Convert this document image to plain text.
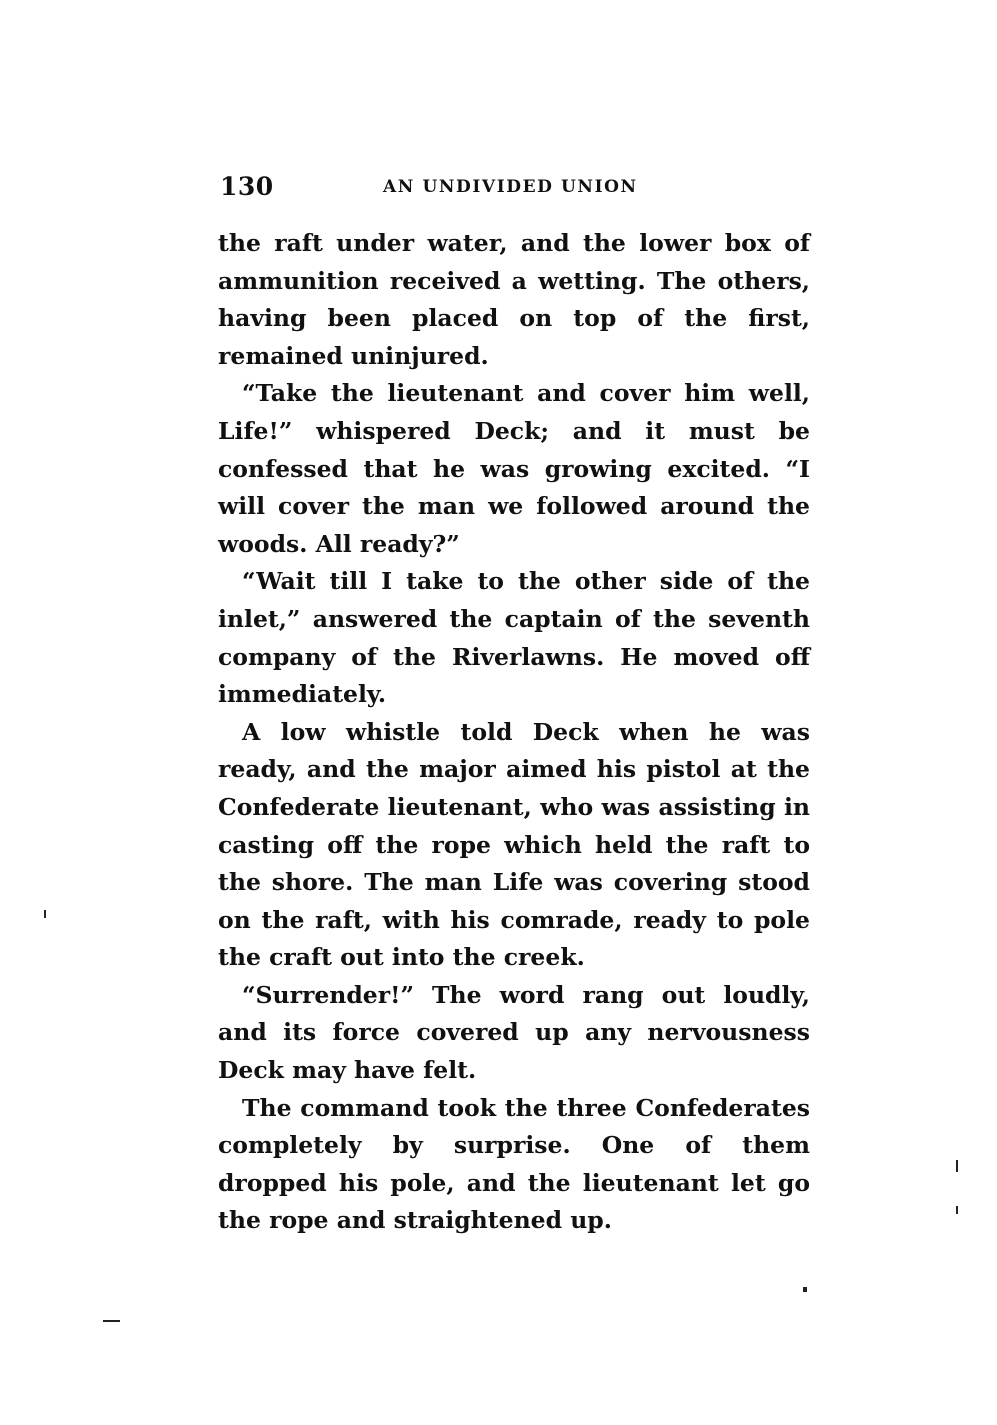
130	AN UNDIVIDED UNION

the raft under water, and the lower box of ammunition received a wetting. The others, having been placed on top of the first, remained uninjured.

“Take the lieutenant and cover him well, Life!” whispered Deck; and it must be confessed that he was growing excited. “I will cover the man we followed around the woods. All ready?”

“Wait till I take to the other side of the inlet,” answered the captain of the seventh company of the Riverlawns. He moved off immediately.

A low whistle told Deck when he was ready, and the major aimed his pistol at the Confederate lieutenant, who was assisting in casting off the rope which held the raft to the shore. The man Life was covering stood on the raft, with his comrade, ready to pole the craft out into the creek.

“Surrender!” The word rang out loudly, and its force covered up any nervousness Deck may have felt.

The command took the three Confederates completely by surprise. One of them dropped his pole, and the lieutenant let go the rope and straightened up.
